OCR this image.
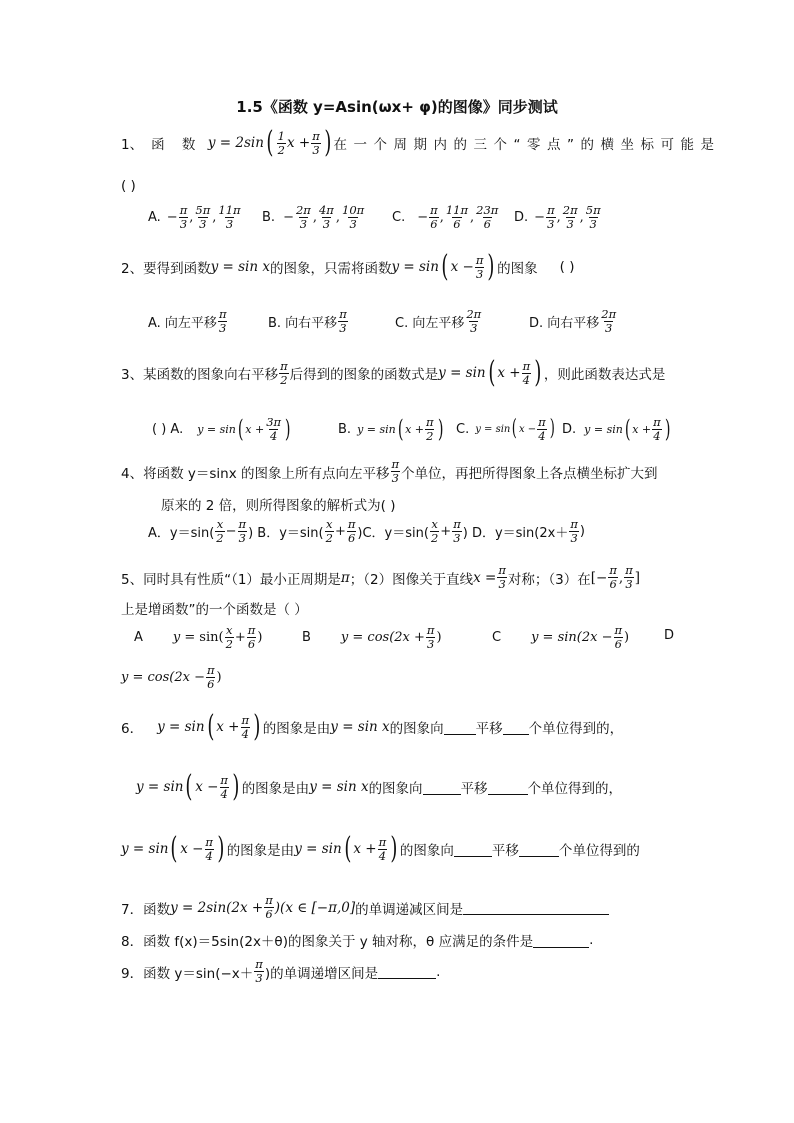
1.5《函数 y=Asin(ωx+ φ)的图像》同步测试
1、 函 数 y = 2sin ( $\frac{1}{2}$ $x + \frac{\pi}{3}$ ) 在一个周期内的三个“零点”的横坐标可能是
( )
A. − $\frac{\pi}{3}$ , $\frac{5\pi}{3}$ , $\frac{11\pi}{3} B$. − $\frac{2\pi}{3}$ , $\frac{4\pi}{3}$ , $\frac{10\pi}{3} C$. − $\frac{\pi}{6}$ , $\frac{11\pi}{6}$ , $\frac{23\pi}{6} D$. − $\frac{\pi}{3}$ , $\frac{2\pi}{3}$ , $\frac{5\pi}{3}$
2、要得到函数 y = sin x 的图象，只需将函数 y = sin ( $x - \frac{\pi}{3}$ ) 的图象 ( )
A. 向左平移 $\frac{\pi}{3}$	B. 向右平移 $\frac{\pi}{3}$	C. 向左平移 $\frac{2\pi}{3}$	D. 向右平移 $\frac{2\pi}{3}$
3、某函数的图象向右平移 $\frac{\pi}{2}$ 后得到的图象的函数式是 y = sin ( $x + \frac{\pi}{4}$ ) ，则此函数表达式是
( ) A. y = sin ( $x + \frac{3\pi}{4}$ )	B. y = sin ( $x + \frac{\pi}{2}$ ) C. y = sin ( $x - \frac{\pi}{4}$ ) D. y = sin ( $x + \frac{\pi}{4}$ )
4、将函数 y＝sinx 的图象上所有点向左平移 $\frac{\pi}{3}$ 个单位，再把所得图象上各点横坐标扩大到
原来的 2 倍，则所得图象的解析式为( )
A．$y=\sin( \frac{x}{2} - \frac{\pi}{3}$ ) B．$y=\sin( \frac{x}{2} + \frac{\pi}{6} )C$．$y=\sin( \frac{x}{2} + \frac{\pi}{3}$ ) D．$y=\sin(2x+ \frac{\pi}{3}$ )
5、同时具有性质“（1）最小正周期是 π ；（2）图像关于直线 $x = \frac{\pi}{3}$ 对称；（3）在 [− $\frac{\pi}{6}$ , $\frac{\pi}{3}$ ]
上是增函数”的一个函数是（ ）
A $y = \sin( \frac{x}{2} + \frac{\pi}{6}$ )	B $y = \cos(2x + \frac{\pi}{3}$ )	C $y = \sin(2x - \frac{\pi}{6}$ )	D
$y = \cos(2x - \frac{\pi}{6}$ )
6． y = sin ( $x + \frac{\pi}{4}$ ) 的图象是由 y = sin x 的图象向 平移 个单位得到的，
y = sin ( $x - \frac{\pi}{4}$ ) 的图象是由 y = sin x 的图象向	平移	个单位得到的，
y = sin ( $x - \frac{\pi}{4}$ ) 的图象是由 y = sin ( $x + \frac{\pi}{4}$ ) 的图象向	平移	个单位得到的
7．函数 $y = 2\sin(2x + \frac{\pi}{6} )(x$ ∈ [−π,0] 的单调递减区间是
8．函数 f(x)＝5sin(2x＋θ)的图象关于 y 轴对称，θ 应满足的条件是	.
9．函数 $y=\sin(-x+ \frac{\pi}{3}$ )的单调递增区间是	.
